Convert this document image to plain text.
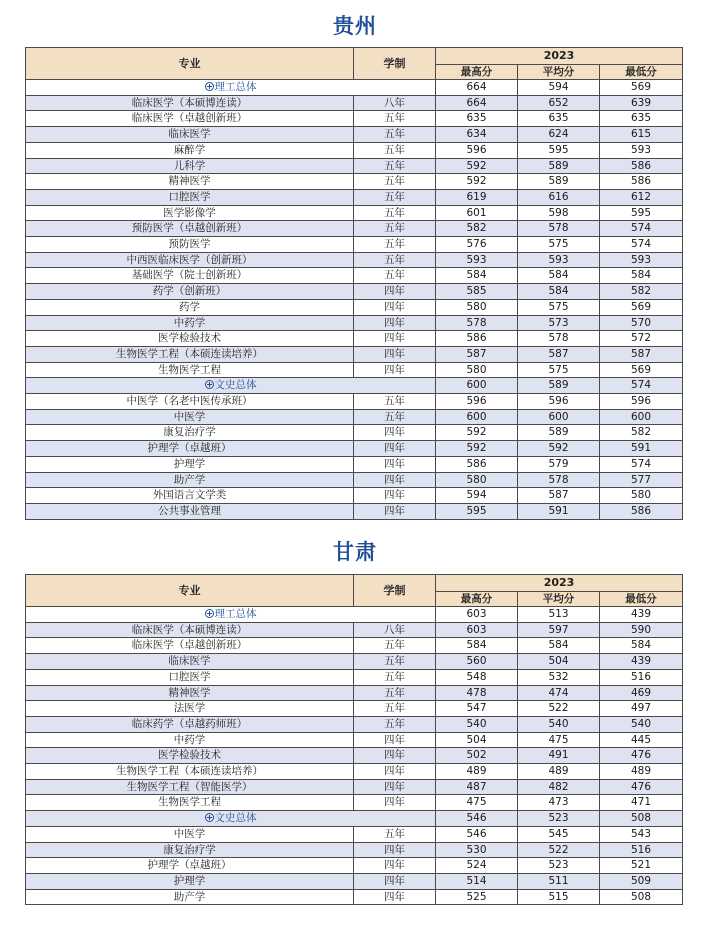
贵州
专业	学制	2023		
		最高分	平均分	最低分
理工总体		664	594	569
临床医学（本硕博连读）	八年	664	652	639
临床医学（卓越创新班）	五年	635	635	635
临床医学	五年	634	624	615
麻醉学	五年	596	595	593
儿科学	五年	592	589	586
精神医学	五年	592	589	586
口腔医学	五年	619	616	612
医学影像学	五年	601	598	595
预防医学（卓越创新班）	五年	582	578	574
预防医学	五年	576	575	574
中西医临床医学（创新班）	五年	593	593	593
基础医学（院士创新班）	五年	584	584	584
药学（创新班）	四年	585	584	582
药学	四年	580	575	569
中药学	四年	578	573	570
医学检验技术	四年	586	578	572
生物医学工程（本硕连读培养）	四年	587	587	587
生物医学工程	四年	580	575	569
文史总体		600	589	574
中医学（名老中医传承班）	五年	596	596	596
中医学	五年	600	600	600
康复治疗学	四年	592	589	582
护理学（卓越班）	四年	592	592	591
护理学	四年	586	579	574
助产学	四年	580	578	577
外国语言文学类	四年	594	587	580
公共事业管理	四年	595	591	586
甘肃
专业	学制	2023		
		最高分	平均分	最低分
理工总体		603	513	439
临床医学（本硕博连读）	八年	603	597	590
临床医学（卓越创新班）	五年	584	584	584
临床医学	五年	560	504	439
口腔医学	五年	548	532	516
精神医学	五年	478	474	469
法医学	五年	547	522	497
临床药学（卓越药师班）	五年	540	540	540
中药学	四年	504	475	445
医学检验技术	四年	502	491	476
生物医学工程（本硕连读培养）	四年	489	489	489
生物医学工程（智能医学）	四年	487	482	476
生物医学工程	四年	475	473	471
文史总体		546	523	508
中医学	五年	546	545	543
康复治疗学	四年	530	522	516
护理学（卓越班）	四年	524	523	521
护理学	四年	514	511	509
助产学	四年	525	515	508
